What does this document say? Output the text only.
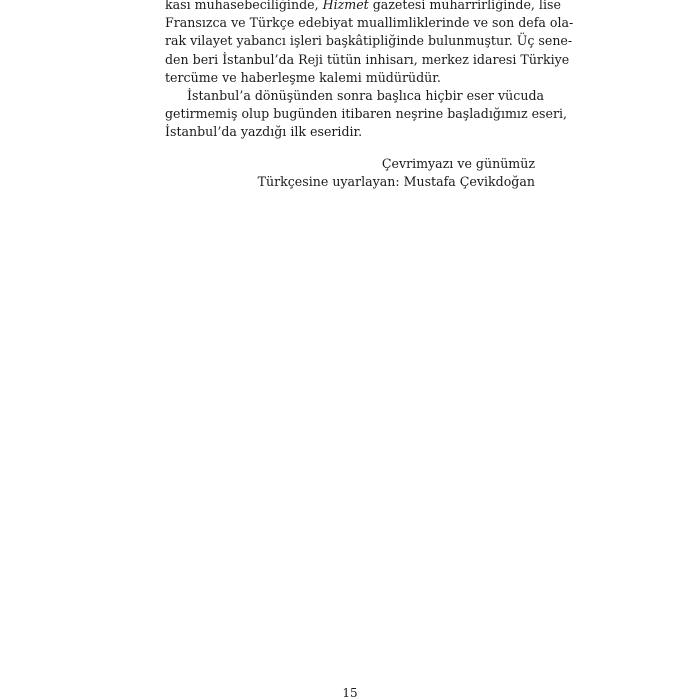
kası muhasebeciliğinde, Hizmet gazetesi muharrirliğinde, lise
Fransızca ve Türkçe edebiyat muallimliklerinde ve son defa ola-
rak vilayet yabancı işleri başkâtipliğinde bulunmuştur. Üç sene-
den beri İstanbul’da Reji tütün inhisarı, merkez idaresi Türkiye
tercüme ve haberleşme kalemi müdürüdür.
İstanbul’a dönüşünden sonra başlıca hiçbir eser vücuda
getirmemiş olup bugünden itibaren neşrine başladığımız eseri,
İstanbul’da yazdığı ilk eseridir.
Çevrimyazı ve günümüz
Türkçesine uyarlayan: Mustafa Çevikdoğan
15
